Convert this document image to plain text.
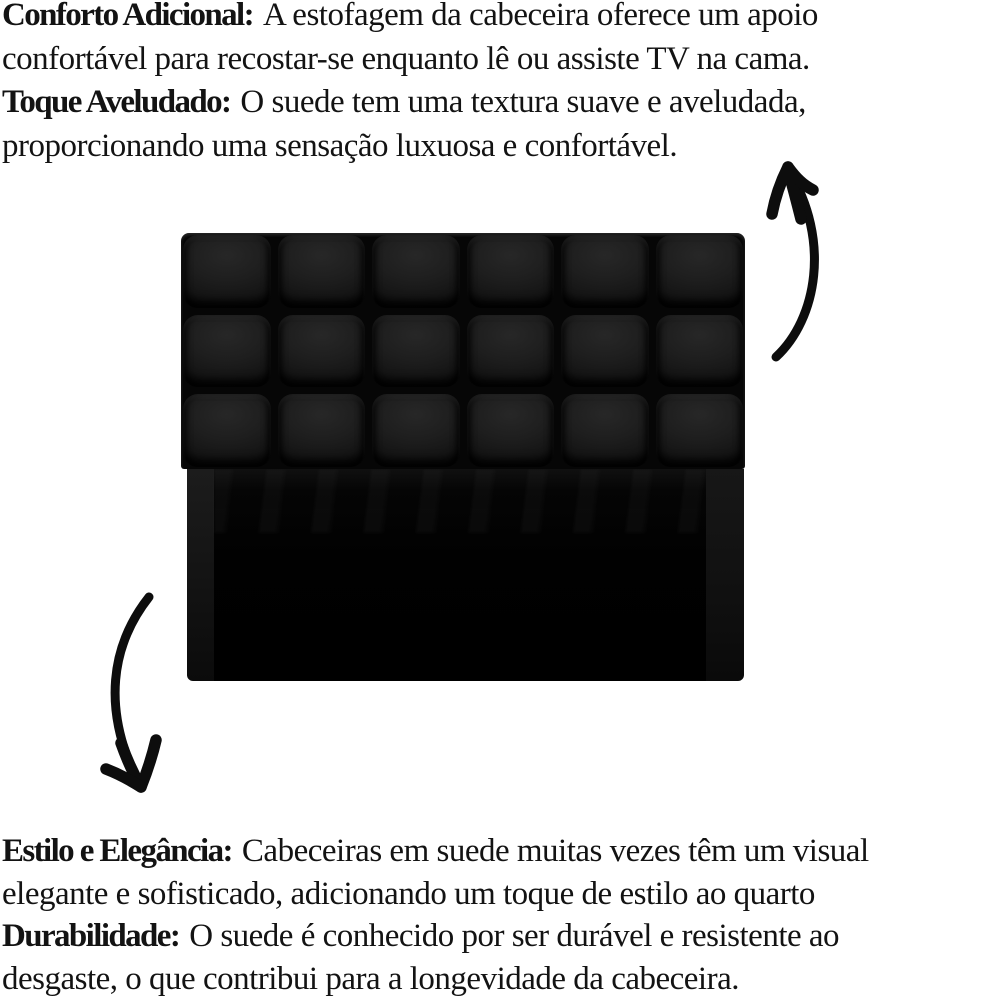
Conforto Adicional: A estofagem da cabeceira oferece um apoio
confortável para recostar-se enquanto lê ou assiste TV na cama.
Toque Aveludado: O suede tem uma textura suave e aveludada,
proporcionando uma sensação luxuosa e confortável.
Estilo e Elegância: Cabeceiras em suede muitas vezes têm um visual
elegante e sofisticado, adicionando um toque de estilo ao quarto
Durabilidade: O suede é conhecido por ser durável e resistente ao
desgaste, o que contribui para a longevidade da cabeceira.
